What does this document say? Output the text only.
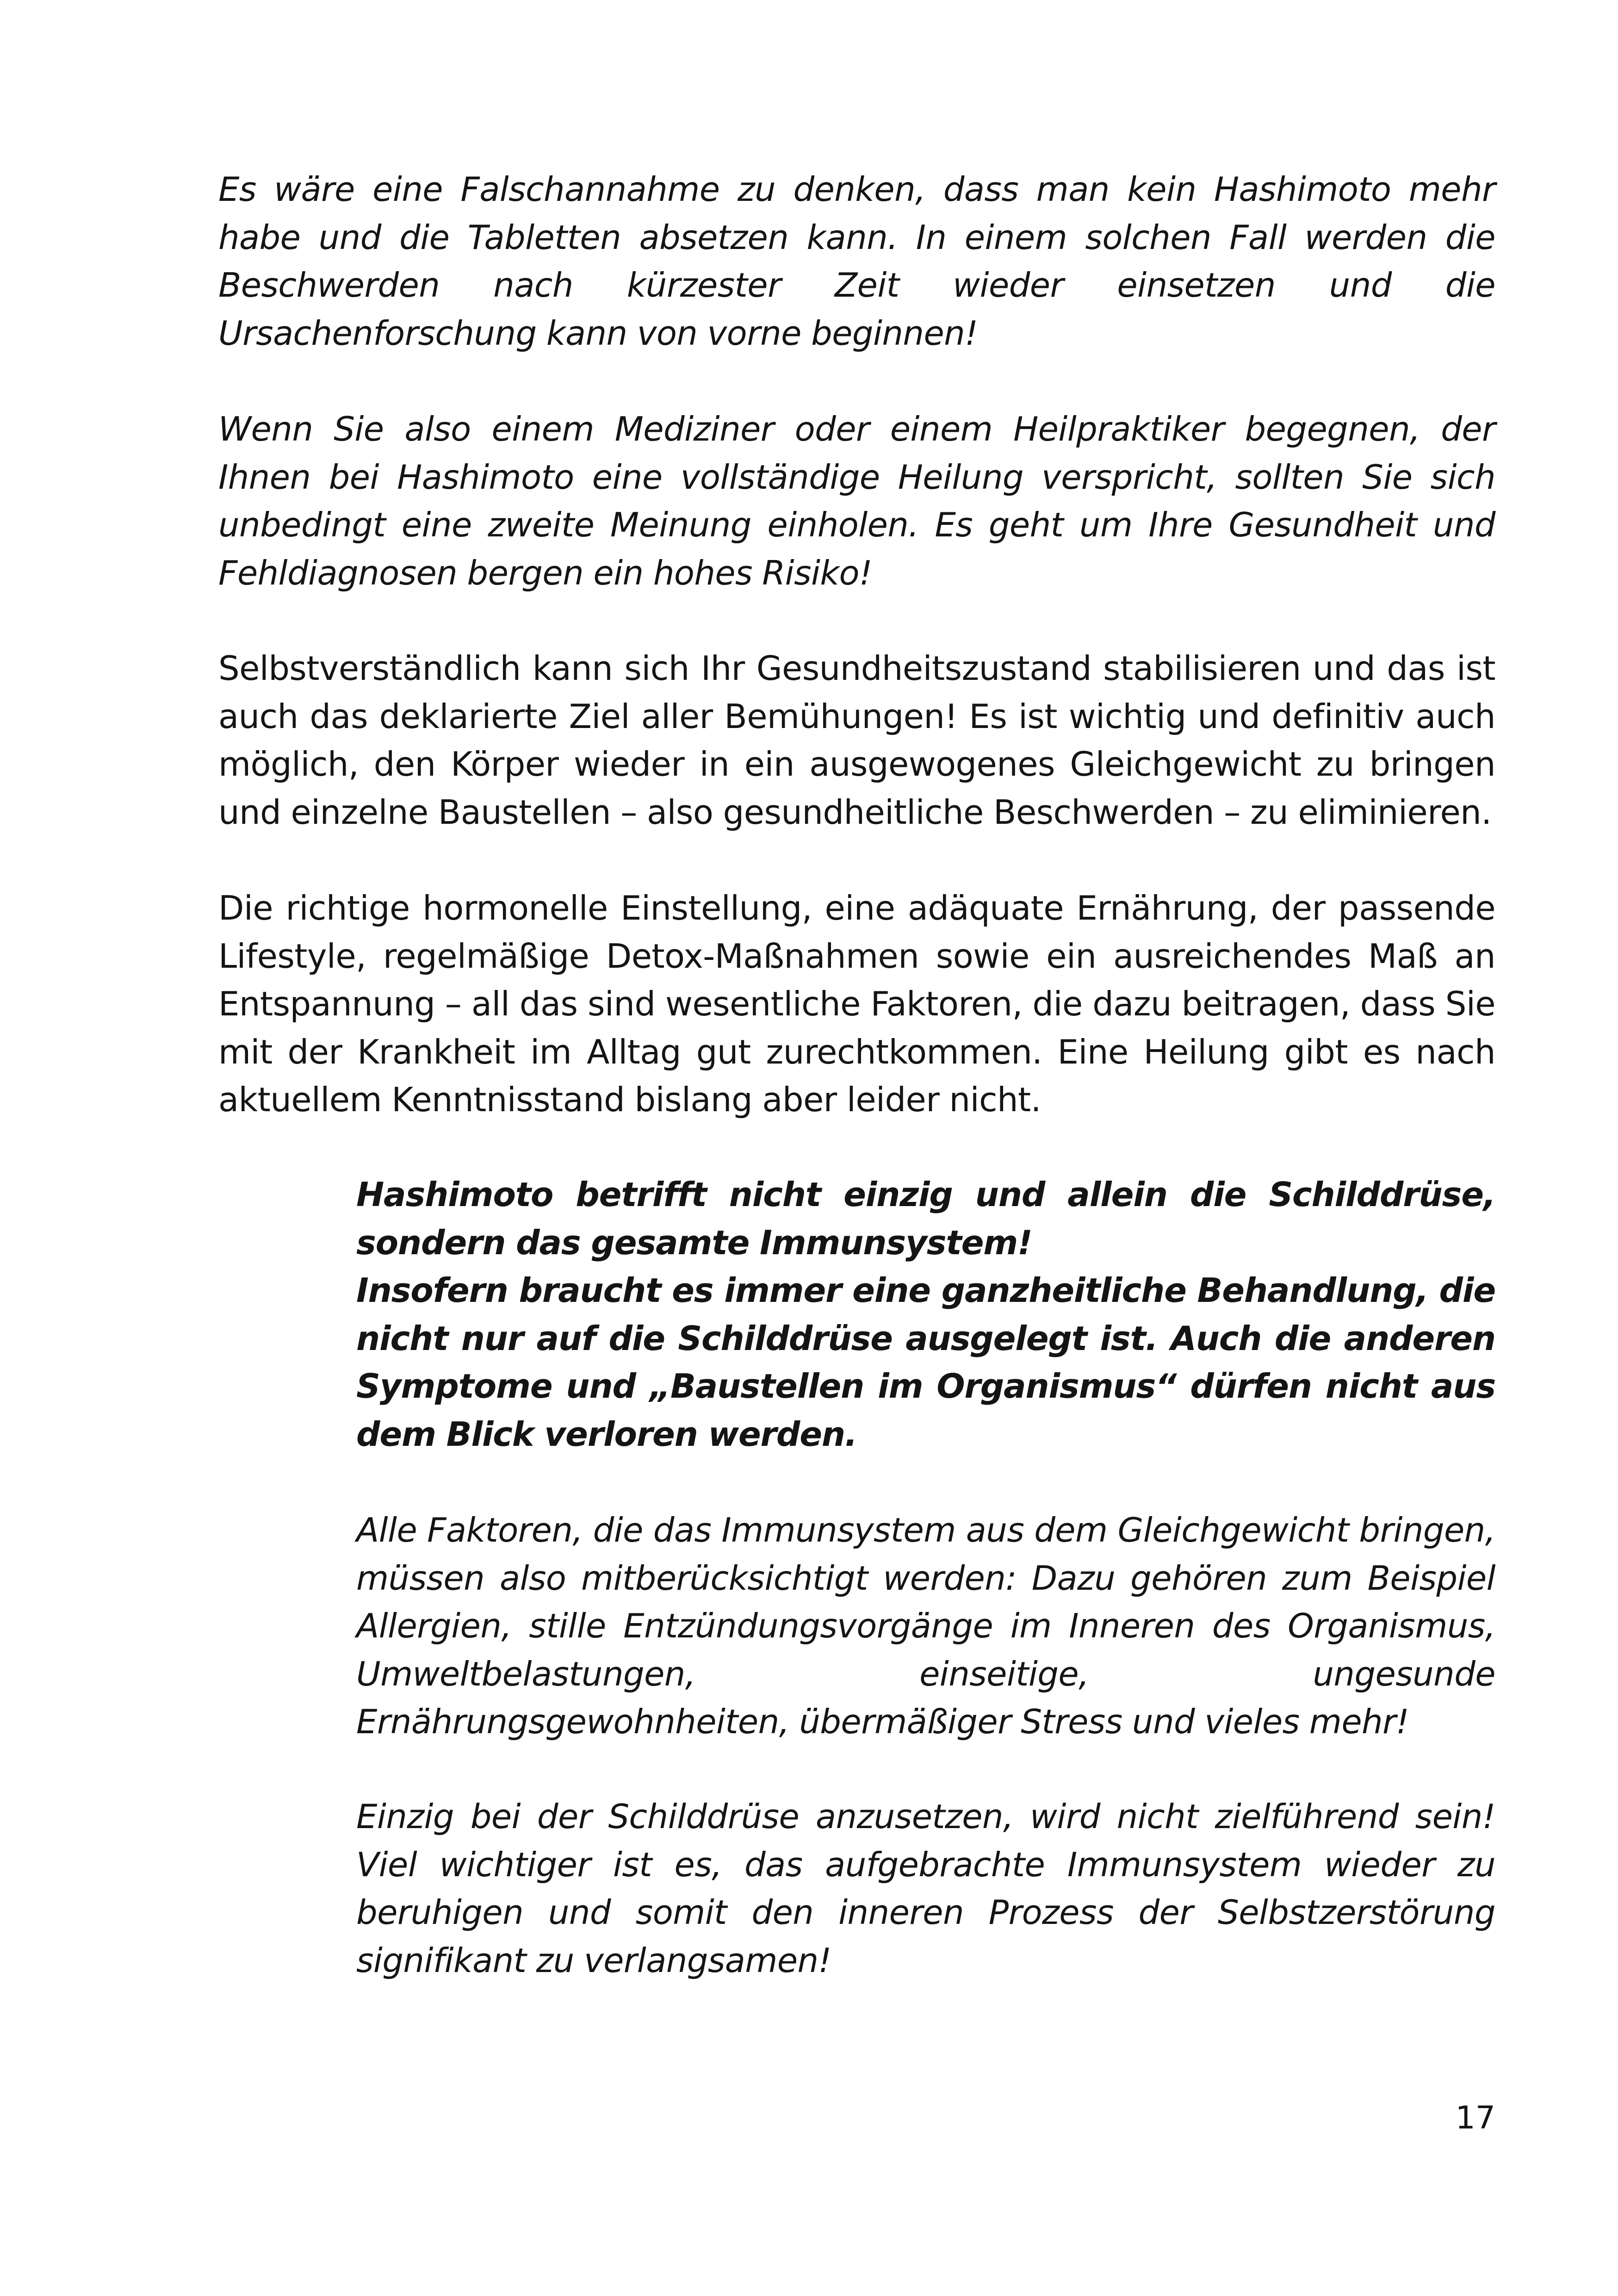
Es wäre eine Falschannahme zu denken, dass man kein Hashimoto mehr habe und die Tabletten absetzen kann. In einem solchen Fall werden die Beschwerden nach kürzester Zeit wieder einsetzen und die Ursachenforschung kann von vorne beginnen!

Wenn Sie also einem Mediziner oder einem Heilpraktiker begegnen, der Ihnen bei Hashimoto eine vollständige Heilung verspricht, sollten Sie sich unbedingt eine zweite Meinung einholen. Es geht um Ihre Gesundheit und Fehldiagnosen bergen ein hohes Risiko!

Selbstverständlich kann sich Ihr Gesundheitszustand stabilisieren und das ist auch das deklarierte Ziel aller Bemühungen! Es ist wichtig und definitiv auch möglich, den Körper wieder in ein ausgewogenes Gleichgewicht zu bringen und einzelne Baustellen – also gesundheitliche Beschwerden – zu eliminieren.

Die richtige hormonelle Einstellung, eine adäquate Ernährung, der passende Lifestyle, regelmäßige Detox-Maßnahmen sowie ein ausreichendes Maß an Entspannung – all das sind wesentliche Faktoren, die dazu beitragen, dass Sie mit der Krankheit im Alltag gut zurechtkommen. Eine Heilung gibt es nach aktuellem Kenntnisstand bislang aber leider nicht.

Hashimoto betrifft nicht einzig und allein die Schilddrüse, sondern das gesamte Immunsystem!
Insofern braucht es immer eine ganzheitliche Behandlung, die nicht nur auf die Schilddrüse ausgelegt ist. Auch die anderen Symptome und „Baustellen im Organismus“ dürfen nicht aus dem Blick verloren werden.

Alle Faktoren, die das Immunsystem aus dem Gleichgewicht bringen, müssen also mitberücksichtigt werden: Dazu gehören zum Beispiel Allergien, stille Entzündungsvorgänge im Inneren des Organismus, Umweltbelastungen, einseitige, ungesunde Ernährungsgewohnheiten, übermäßiger Stress und vieles mehr!

Einzig bei der Schilddrüse anzusetzen, wird nicht zielführend sein! Viel wichtiger ist es, das aufgebrachte Immunsystem wieder zu beruhigen und somit den inneren Prozess der Selbstzerstörung signifikant zu verlangsamen!

17
